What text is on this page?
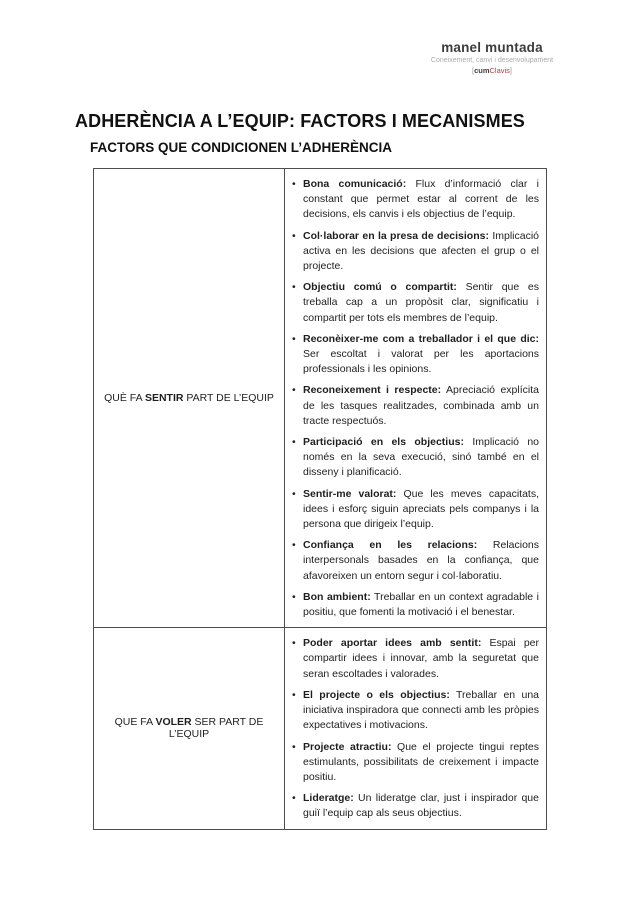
manel muntada
Coneixement, canvi i desenvolupament
[cumClavis]
ADHERÈNCIA A L’EQUIP: FACTORS I MECANISMES
FACTORS QUE CONDICIONEN L’ADHERÈNCIA
QUÈ FA SENTIR PART DE L’EQUIP	
• Bona comunicació: Flux d’informació clar i constant que permet estar al corrent de les decisions, els canvis i els objectius de l’equip.
• Col·laborar en la presa de decisions: Implicació activa en les decisions que afecten el grup o el projecte.
• Objectiu comú o compartit: Sentir que es treballa cap a un propòsit clar, significatiu i compartit per tots els membres de l’equip.
• Reconèixer-me com a treballador i el que dic: Ser escoltat i valorat per les aportacions professionals i les opinions.
• Reconeixement i respecte: Apreciació explícita de les tasques realitzades, combinada amb un tracte respectuós.
• Participació en els objectius: Implicació no només en la seva execució, sinó també en el disseny i planificació.
• Sentir-me valorat: Que les meves capacitats, idees i esforç siguin apreciats pels companys i la persona que dirigeix l’equip.
• Confiança en les relacions: Relacions interpersonals basades en la confiança, que afavoreixen un entorn segur i col·laboratiu.
• Bon ambient: Treballar en un context agradable i positiu, que fomenti la motivació i el benestar.

QUE FA VOLER SER PART DE L’EQUIP	
• Poder aportar idees amb sentit: Espai per compartir idees i innovar, amb la seguretat que seran escoltades i valorades.
• El projecte o els objectius: Treballar en una iniciativa inspiradora que connecti amb les pròpies expectatives i motivacions.
• Projecte atractiu: Que el projecte tingui reptes estimulants, possibilitats de creixement i impacte positiu.
• Lideratge: Un lideratge clar, just i inspirador que guiï l’equip cap als seus objectius.
